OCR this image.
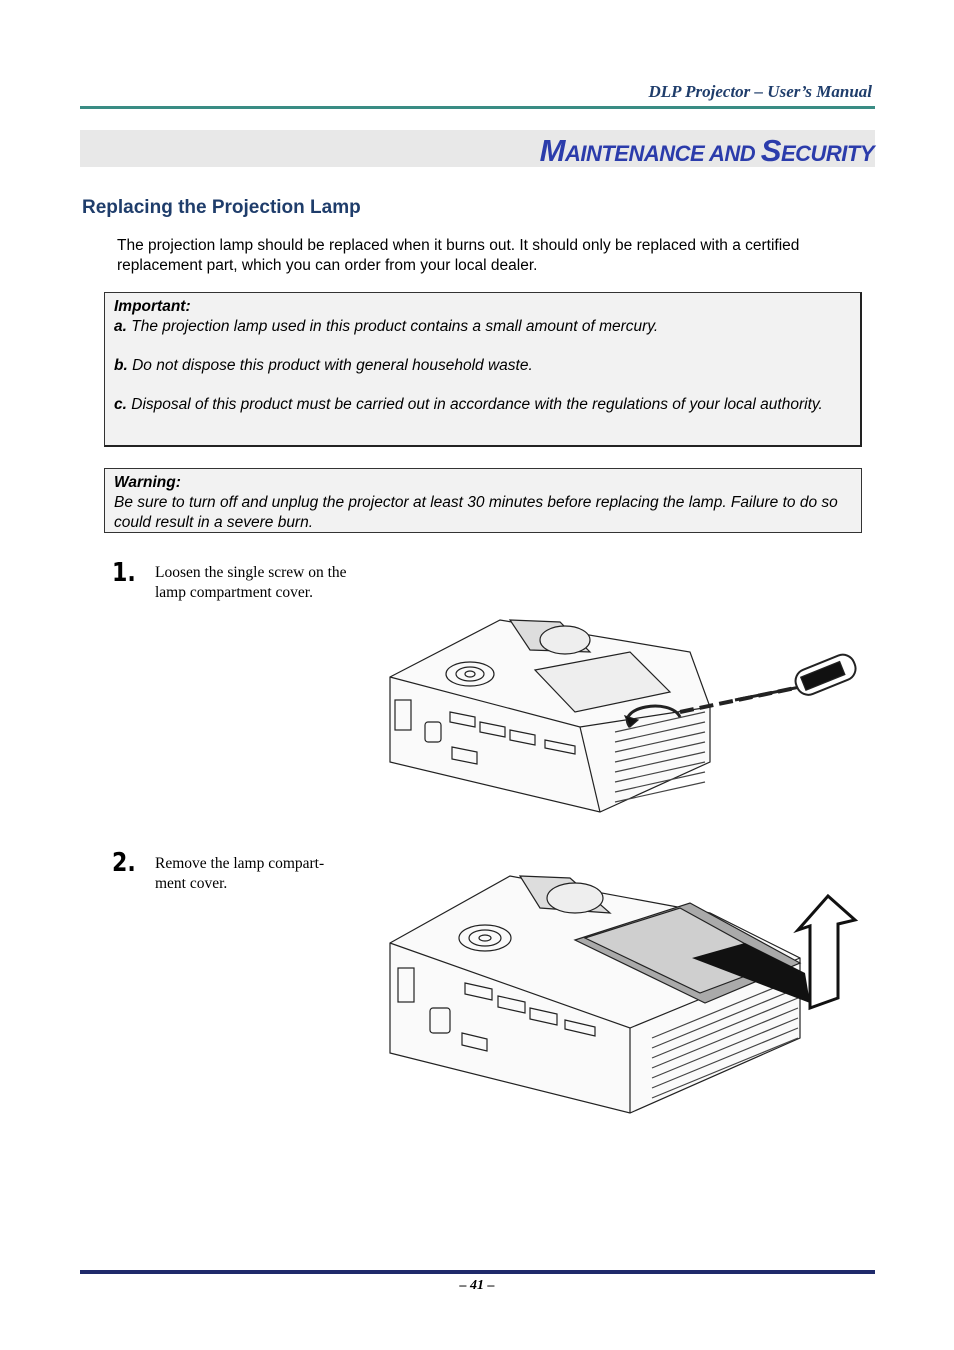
DLP Projector – User’s Manual
MAINTENANCE AND SECURITY
Replacing the Projection Lamp
The projection lamp should be replaced when it burns out. It should only be replaced with a certified replacement part, which you can order from your local dealer.
Important:
a. The projection lamp used in this product contains a small amount of mercury.
b. Do not dispose this product with general household waste.
c. Disposal of this product must be carried out in accordance with the regulations of your local authority.
Warning:
Be sure to turn off and unplug the projector at least 30 minutes before replacing the lamp. Failure to do so could result in a severe burn.
1. Loosen the single screw on the lamp compartment cover.
2. Remove the lamp compart-ment cover.
– 41 –
